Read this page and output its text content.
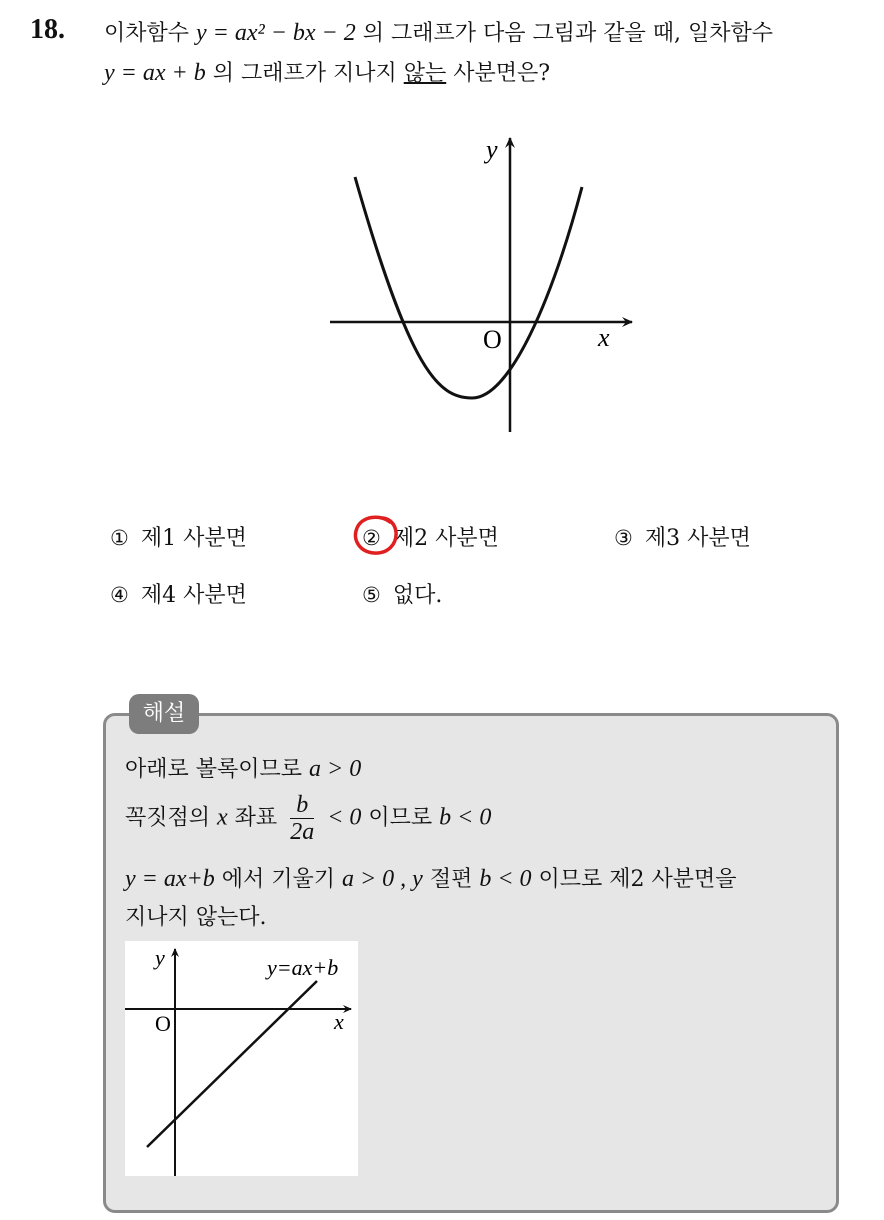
18. 이차함수 y = ax² − bx − 2 의 그래프가 다음 그림과 같을 때, 일차함수
y = ax + b 의 그래프가 지나지 않는 사분면은?
y
x
O
① 제1 사분면	② 제2 사분면	③ 제3 사분면
④ 제4 사분면	⑤ 없다.
해설
아래로 볼록이므로 a > 0
꼭짓점의 x 좌표 $\frac{b}{2a} < 0$ 이므로 b < 0
y = ax+b 에서 기울기 a > 0 , y 절편 b < 0 이므로 제2 사분면을
지나지 않는다.
y=ax+b
y
x
O
